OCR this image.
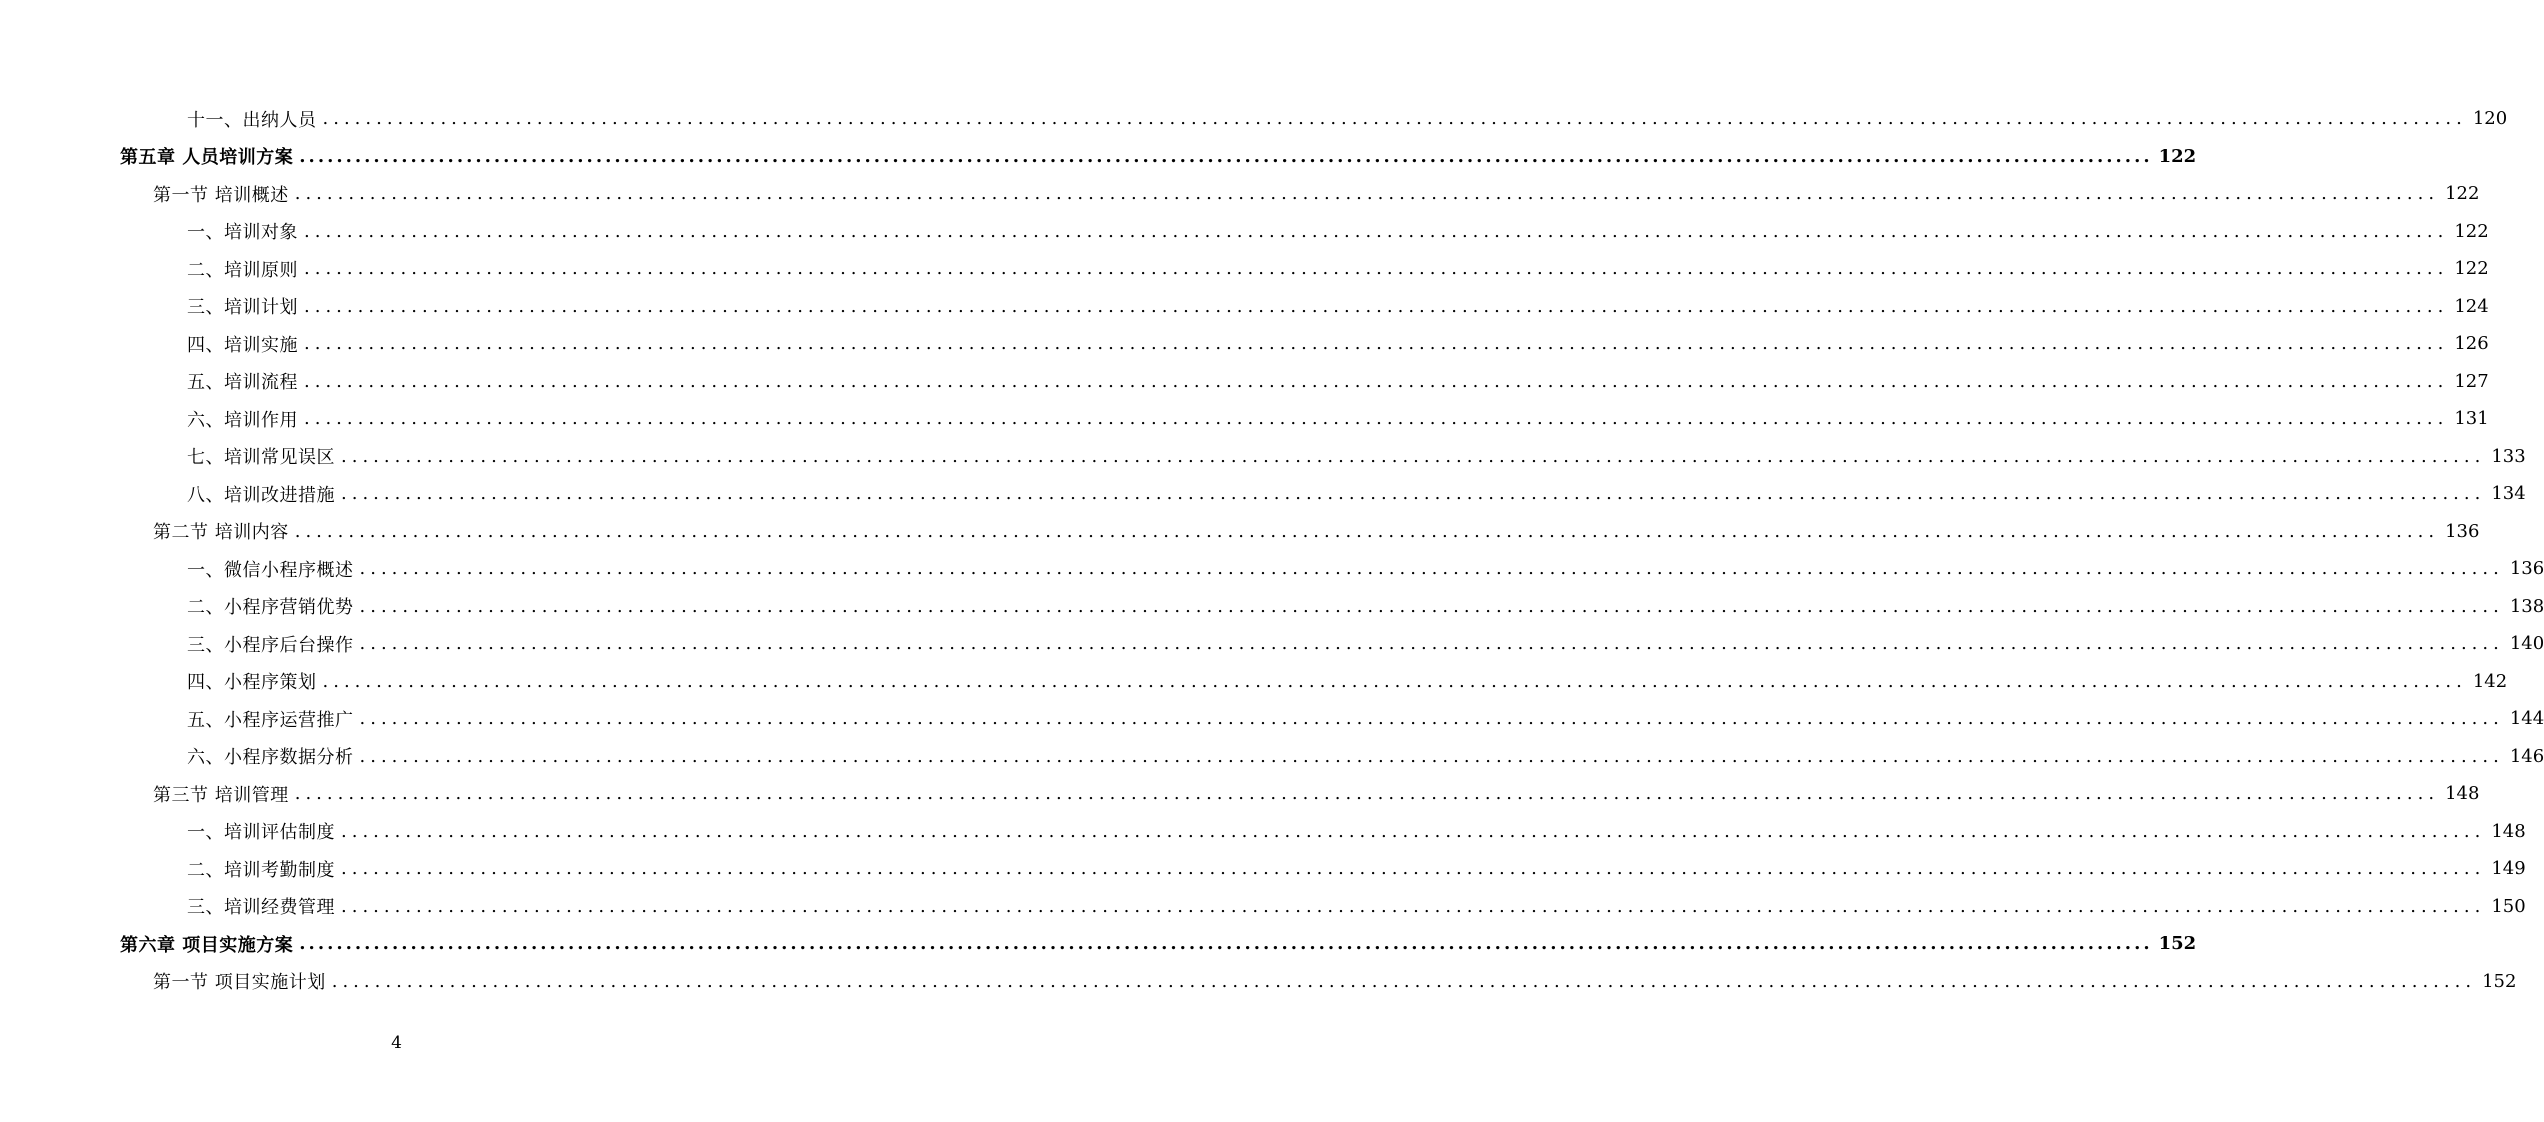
十一、出纳人员 ........................................................................................................................................................................................................ 120
第五章 人员培训方案 ........................................................................................................................................................................................................ 122
第一节 培训概述 ........................................................................................................................................................................................................ 122
一、培训对象 ........................................................................................................................................................................................................ 122
二、培训原则 ........................................................................................................................................................................................................ 122
三、培训计划 ........................................................................................................................................................................................................ 124
四、培训实施 ........................................................................................................................................................................................................ 126
五、培训流程 ........................................................................................................................................................................................................ 127
六、培训作用 ........................................................................................................................................................................................................ 131
七、培训常见误区 ........................................................................................................................................................................................................ 133
八、培训改进措施 ........................................................................................................................................................................................................ 134
第二节 培训内容 ........................................................................................................................................................................................................ 136
一、微信小程序概述 ........................................................................................................................................................................................................ 136
二、小程序营销优势 ........................................................................................................................................................................................................ 138
三、小程序后台操作 ........................................................................................................................................................................................................ 140
四、小程序策划 ........................................................................................................................................................................................................ 142
五、小程序运营推广 ........................................................................................................................................................................................................ 144
六、小程序数据分析 ........................................................................................................................................................................................................ 146
第三节 培训管理 ........................................................................................................................................................................................................ 148
一、培训评估制度 ........................................................................................................................................................................................................ 148
二、培训考勤制度 ........................................................................................................................................................................................................ 149
三、培训经费管理 ........................................................................................................................................................................................................ 150
第六章 项目实施方案 ........................................................................................................................................................................................................ 152
第一节 项目实施计划 ........................................................................................................................................................................................................ 152
4
